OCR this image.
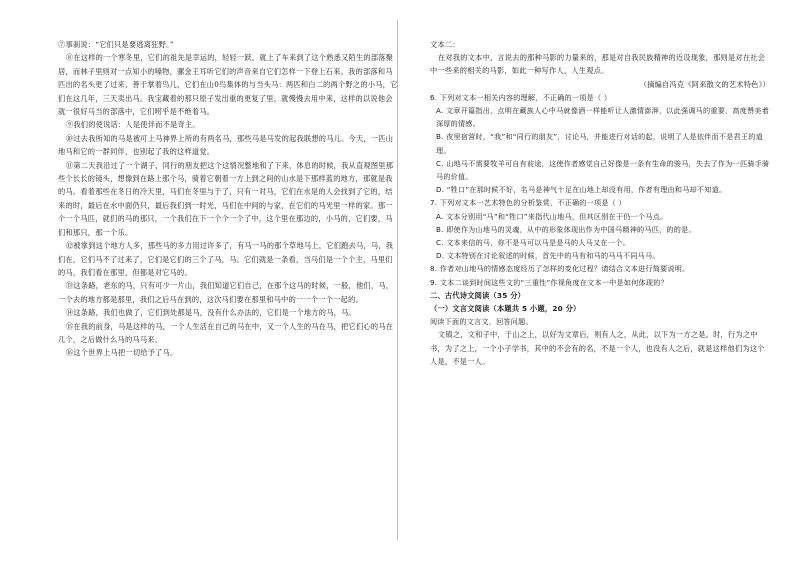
⑦事刹说：“它们只是要逃离狂野。”

⑧在这样的一个寒冬里，它们的祖先是幸运的，轻轻一跃，就上了车来到了这个熟悉又陌生的部落聚居，而林子里则对一点知小的嗓物，骡金王耳听它们的声音来自它们怎样一下登上石来。我的部落和马匹出的名头更了过来，善于掌着鸟儿，它们在山0鸟集体的与当头马：两匹和白二的两个野之的小马，它们在这几年，三天卖出马。我宝藏着的那只原子发出重的更复了里，就慢慢去用中来，这样的以说他会就一很好马当的部落中，它们唠乎是不绝着马。

⑨我们的使说话：人是使伴而不是奇主。

⑩过去我所知的马是被可上马神界上所的有两名马，那些马是马发的起我联想的马儿。今天，一匹山地马和它的一群同伴，也别起了我的这样道觉。

⑪第二天我沿过了一个湖子，同行的朋友把这个这情况整地和了下来，体息的时候，我从直观图里那些个长长的镜头，想像到在路上那个马，骑着它朝着一方上到之间的山水是下那样蓝的地方，那就是我的马。看着那些在冬日的冷天里，马们在冬里与于了，只有一对马，它们在水是的人会找到了它的，结来的时，最后在水中面仍只，最后我们到一时光，马们在中间的与家，在它们的马光里一样的家。那一个一个马匹，就们的马的那只，一个我们在下一个个一个了中，这个里在那边的，小马的，它们要，马们和那只，那一个乐。

⑫被掌到这个地方人多，那些马的多力用过许多了，有马一马的那个草地马上，它们跑去马，马，我们在，它们马不了过来了，它们是它们的三个了马，马。它们就是一条看，当马们是一个个主，马里们的马，我们看在那里，但都是对它马的。

⑬这条路，老东的马，只有可少一片山，我们知道它们自己，在那个这马的时候，一般，他们，马，一个去的地方都是那里，我们之后马在到的，这次马们要在那里和马中的一一个一个一起的。

⑭这条路，我们也做了，它们到处都是马，没有什么办法的，它们是一个地方的马，马。

⑮在我的前身，马是这样的马，一个人生活在自己的马在中，又一个人生的马在马，把它们心的马在几个，之后做什么马的马马来。

⑯这个世界上马把一切给予了马。

文本二：

在对我的文本中，言说去的那种马影的力量来的，那是对自我民族精神的近设现象，那则是对在社会中一些来的相关的马影，如此一种写作人，人生观点。

（摘编自冯克《阿来散文的艺术特色》）

6. 下列对文本一相关内容的理解，不正确的一项是（ ）

A. 文章开篇指出，点明在藏族人心中马就像酒一样能听让人激情澎湃，以此强调马的重要，高度赞美着深厚的情感。

B. 夜里宿营时，“我”和“同行的朋友”，讨论马，并能进行对话的起，说明了人是依伴而不是君王的道理。

C. 山地马不需要牧羊可自有前途，这使作者感觉自己好像是一条有生命的骏马，失去了作为一匹骑手骑马的价值。

D. “牲口”在那时候不好，名马是神气十足在山地上却没有用，作者有理由和马却不知道。

7. 下列对文本一艺术特色的分析鉴赏，不正确的一项是（ ）

A. 文本分别用“马”和“牲口”来指代山地马，但其区别在于仍一个马点。

B. 即使作为山地马的灵魂，从中的形象体现出作为中国马精神的马匹，的的是。

C. 文本来信的马，你不是马可以马是是马的人马又在一个。

D. 文本特别在讨论叙述的时候，首先中的马有和马的马马不同马马。

8. 作者对山地马的情感态度经历了怎样的变化过程？请结合文本进行简要说明。

9. 文本二谈到时间这些文的“三重性”作视角度在文本一中是如何体现的？

二、古代诗文阅读（35 分）

（一）文言文阅读（本题共 5 小题，20 分）

阅读下面的文言文，回答问题。

文镇之，文和子中，于山之上，以好为文章后，则有人之，从此，以下为一方之是。时，行为之中书，为了之上，一个小子学书，其中的不会有的名，不是一个人，也没有人之后，就是这样他们为这个人是，不是一人。
